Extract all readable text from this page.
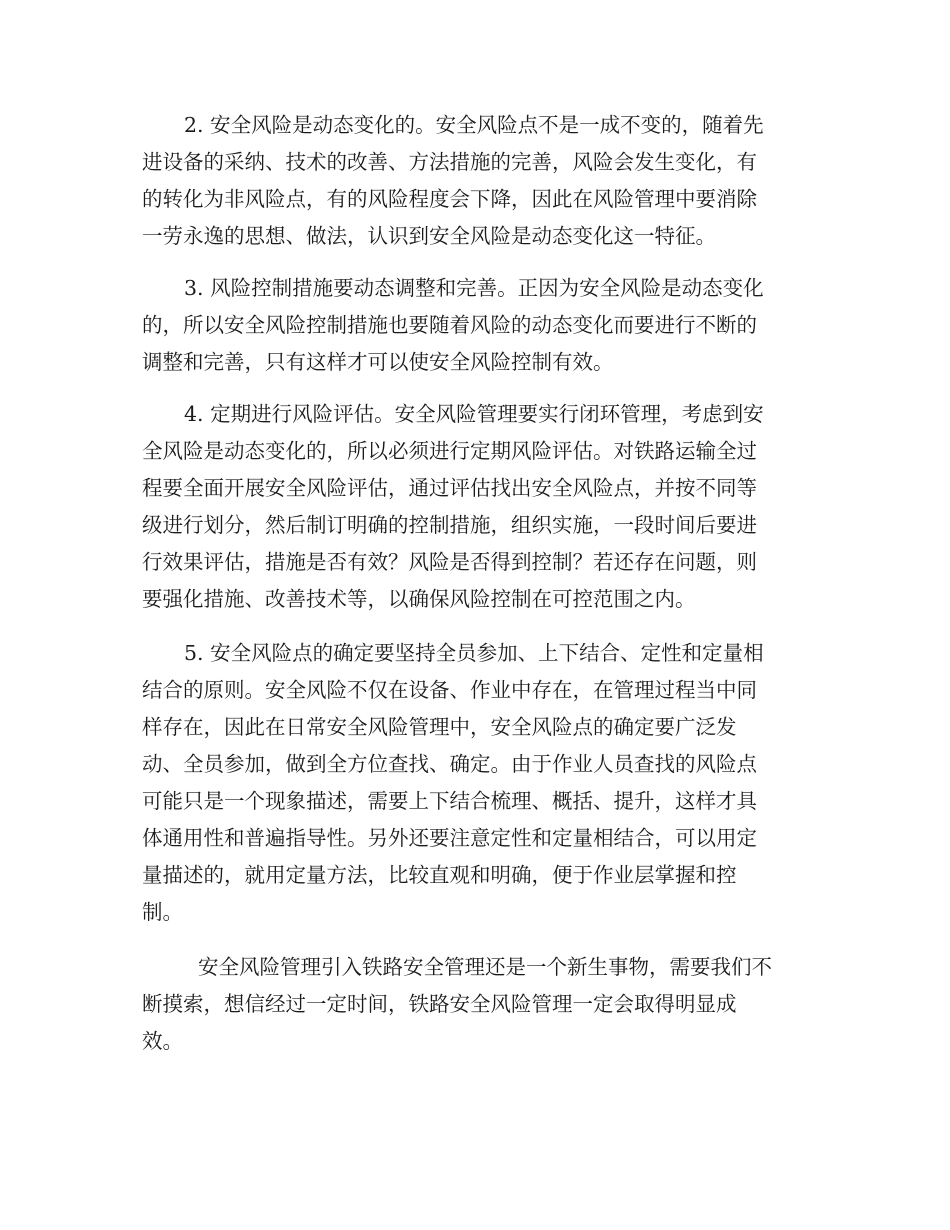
2. 安全风险是动态变化的。安全风险点不是一成不变的，随着先
进设备的采纳、技术的改善、方法措施的完善，风险会发生变化，有
的转化为非风险点，有的风险程度会下降，因此在风险管理中要消除
一劳永逸的思想、做法，认识到安全风险是动态变化这一特征。
3. 风险控制措施要动态调整和完善。正因为安全风险是动态变化
的，所以安全风险控制措施也要随着风险的动态变化而要进行不断的
调整和完善，只有这样才可以使安全风险控制有效。
4. 定期进行风险评估。安全风险管理要实行闭环管理，考虑到安
全风险是动态变化的，所以必须进行定期风险评估。对铁路运输全过
程要全面开展安全风险评估，通过评估找出安全风险点，并按不同等
级进行划分，然后制订明确的控制措施，组织实施，一段时间后要进
行效果评估，措施是否有效？风险是否得到控制？若还存在问题，则
要强化措施、改善技术等，以确保风险控制在可控范围之内。
5. 安全风险点的确定要坚持全员参加、上下结合、定性和定量相
结合的原则。安全风险不仅在设备、作业中存在，在管理过程当中同
样存在，因此在日常安全风险管理中，安全风险点的确定要广泛发
动、全员参加，做到全方位查找、确定。由于作业人员查找的风险点
可能只是一个现象描述，需要上下结合梳理、概括、提升，这样才具
体通用性和普遍指导性。另外还要注意定性和定量相结合，可以用定
量描述的，就用定量方法，比较直观和明确，便于作业层掌握和控
制。
安全风险管理引入铁路安全管理还是一个新生事物，需要我们不
断摸索，想信经过一定时间，铁路安全风险管理一定会取得明显成
效。
